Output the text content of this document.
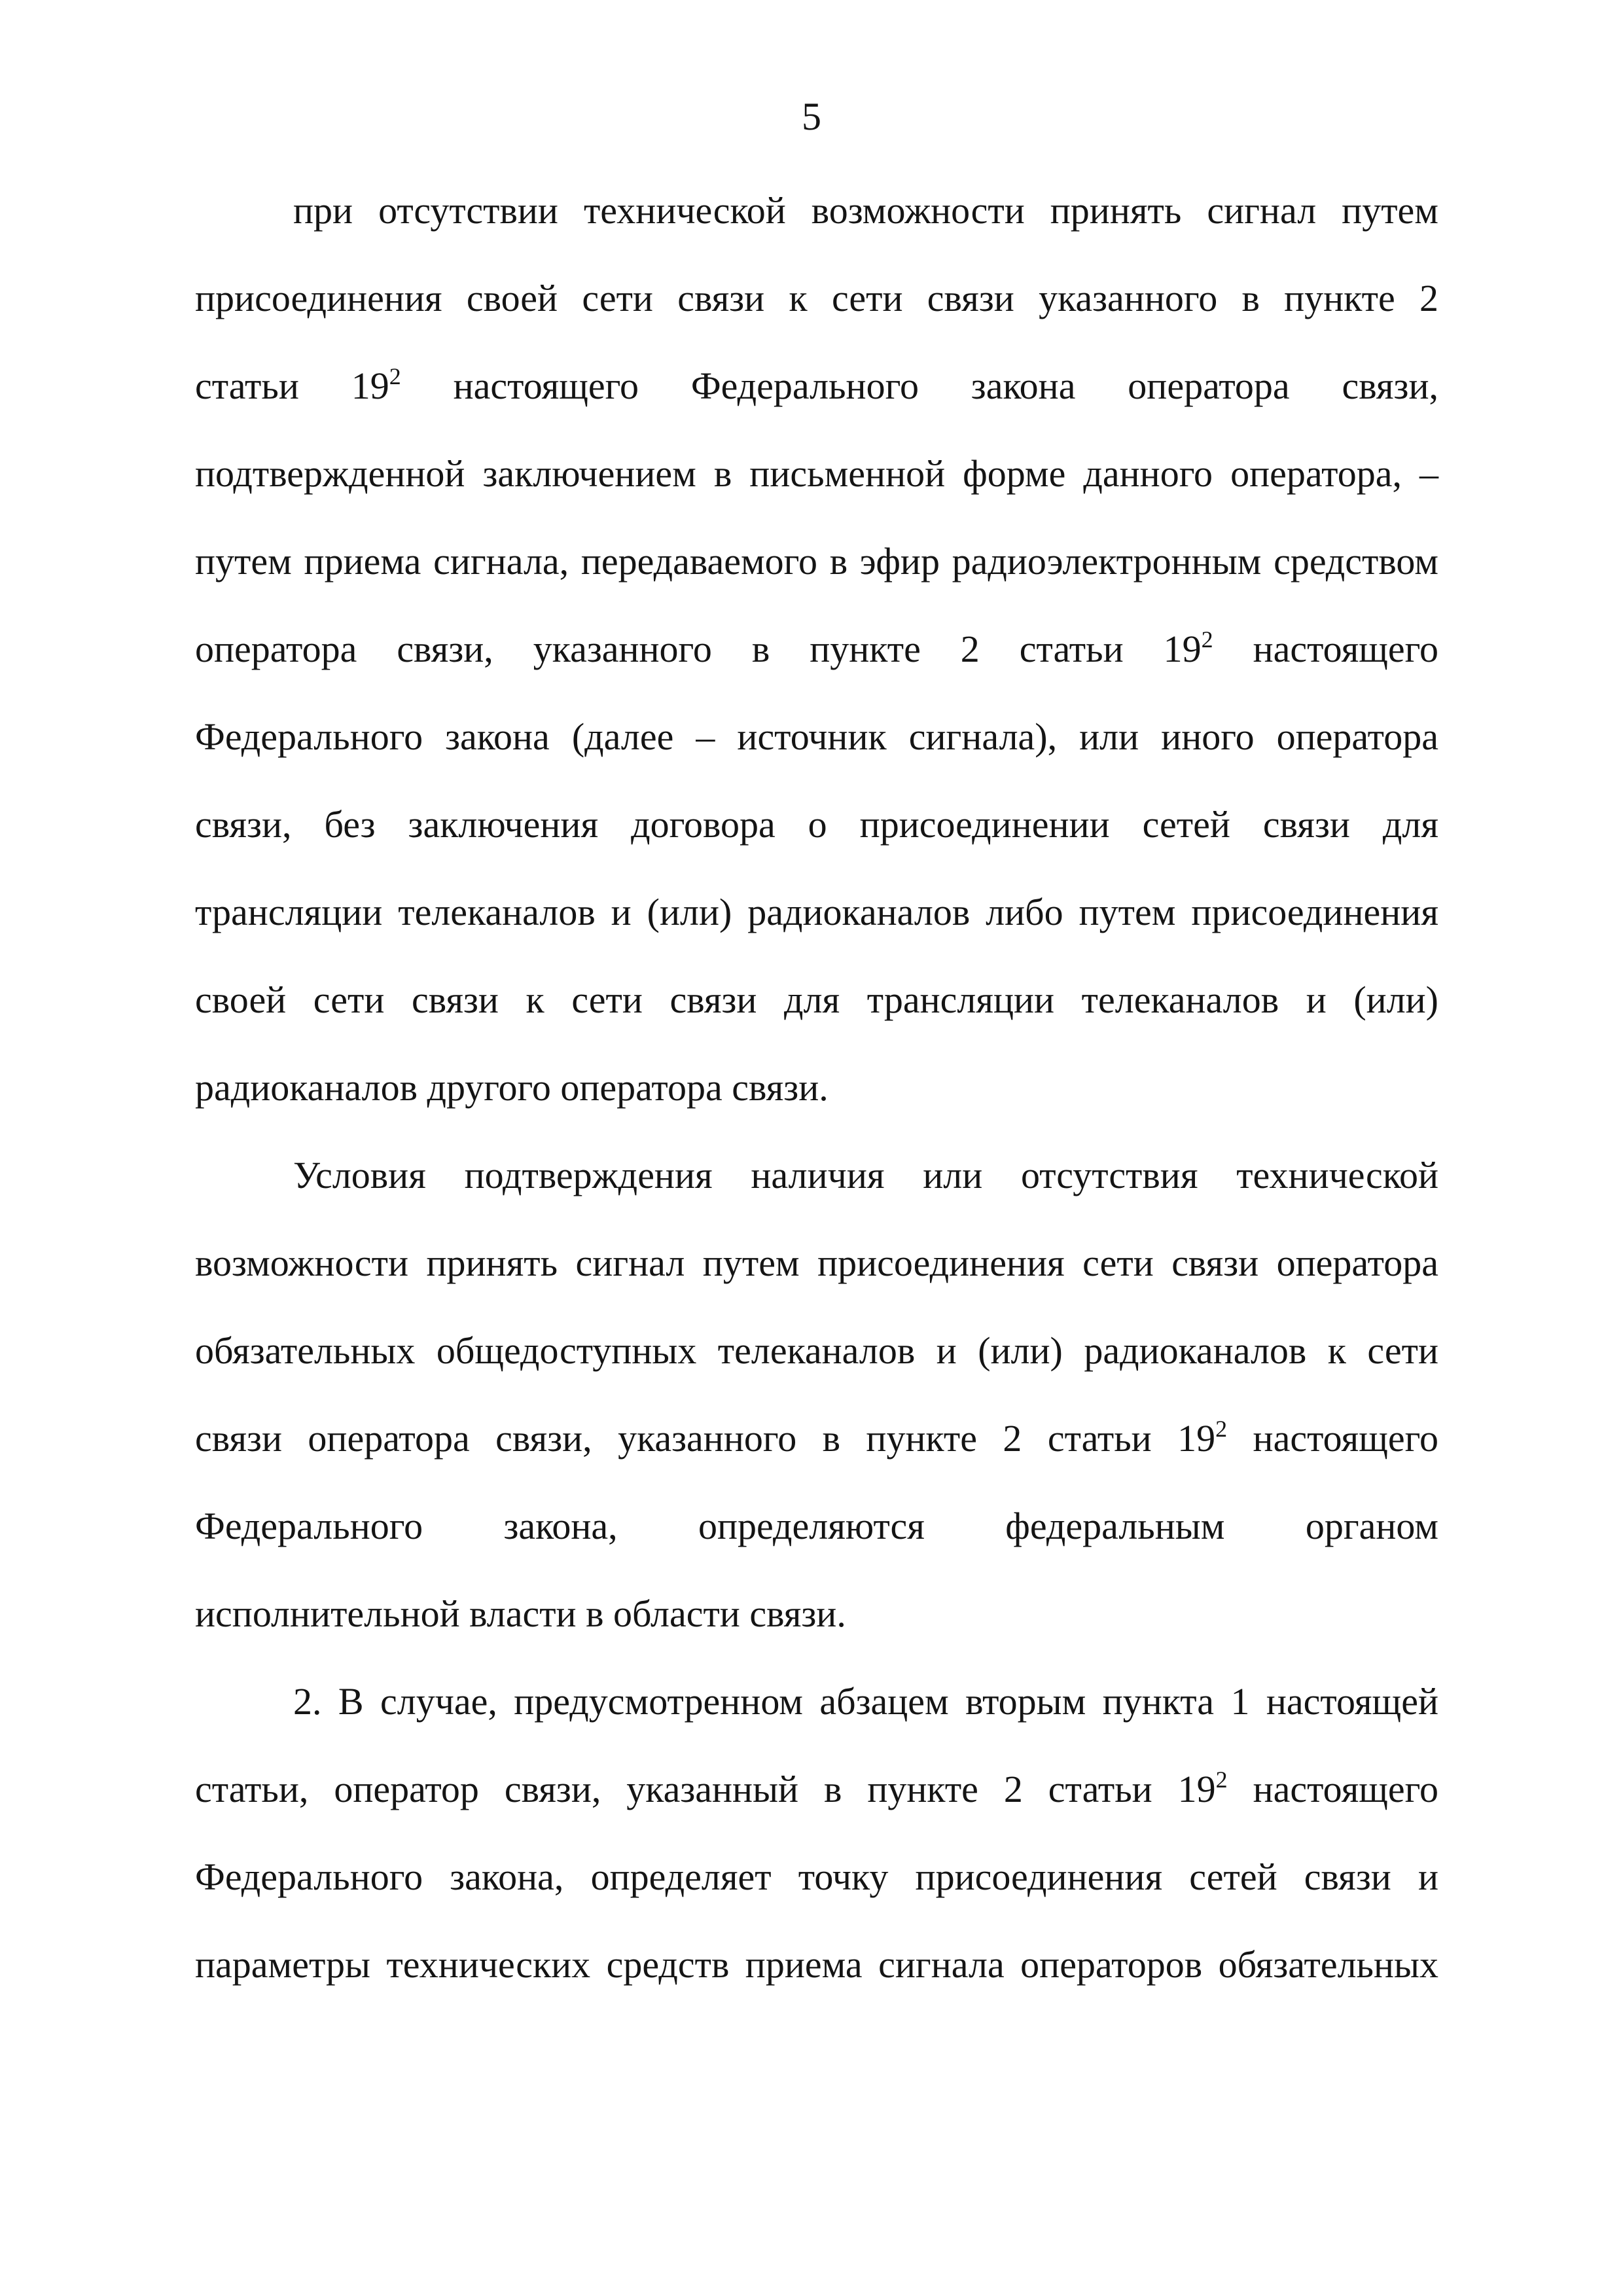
5
при отсутствии технической возможности принять сигнал путем
присоединения своей сети связи к сети связи указанного в пункте 2
статьи $19^2$ настоящего Федерального закона оператора связи,
подтвержденной заключением в письменной форме данного оператора, –
путем приема сигнала, передаваемого в эфир радиоэлектронным средством
оператора связи, указанного в пункте 2 статьи $19^2$ настоящего
Федерального закона (далее – источник сигнала), или иного оператора
связи, без заключения договора о присоединении сетей связи для
трансляции телеканалов и (или) радиоканалов либо путем присоединения
своей сети связи к сети связи для трансляции телеканалов и (или)
радиоканалов другого оператора связи.
Условия подтверждения наличия или отсутствия технической
возможности принять сигнал путем присоединения сети связи оператора
обязательных общедоступных телеканалов и (или) радиоканалов к сети
связи оператора связи, указанного в пункте 2 статьи $19^2$ настоящего
Федерального закона, определяются федеральным органом
исполнительной власти в области связи.
2. В случае, предусмотренном абзацем вторым пункта 1 настоящей
статьи, оператор связи, указанный в пункте 2 статьи $19^2$ настоящего
Федерального закона, определяет точку присоединения сетей связи и
параметры технических средств приема сигнала операторов обязательных
